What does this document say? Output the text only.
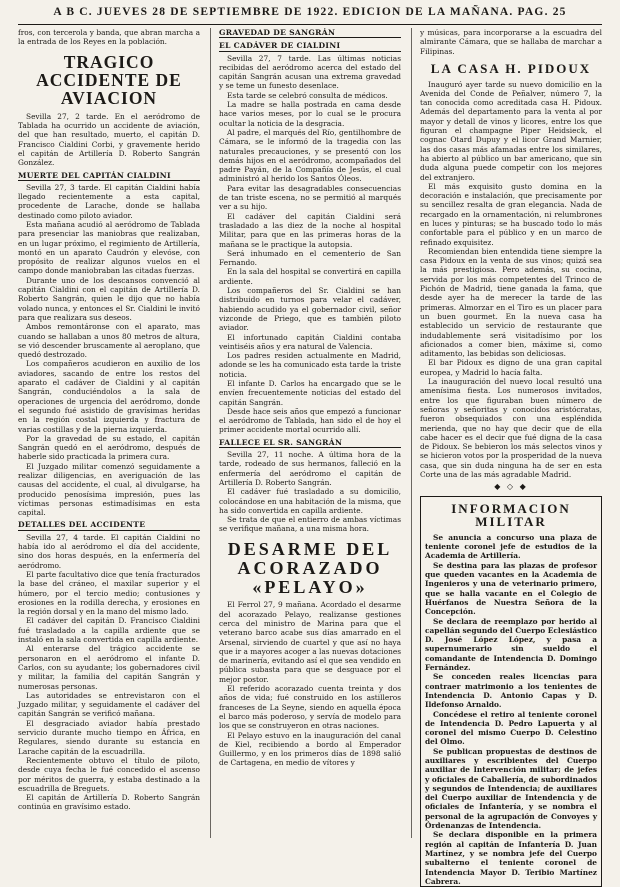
A B C. JUEVES 28 DE SEPTIEMBRE DE 1922. EDICION DE LA MAÑANA. PAG. 25

fros, con tercerola y banda, que abran marcha a la entrada de los Reyes en la población.

TRAGICO ACCIDENTE DE AVIACION

Sevilla 27, 2 tarde. En el aeródromo de Tablada ha ocurrido un accidente de aviación, del que han resultado, muerto, el capitán D. Francisco Cialdini Corbi, y gravemente herido el capitán de Artillería D. Roberto Sangrán González.

MUERTE DEL CAPITÁN CIALDINI

Sevilla 27, 3 tarde. El capitán Cialdini había llegado recientemente a esta capital, procedente de Larache, donde se hallaba destinado como piloto aviador.

Esta mañana acudió al aeródromo de Tablada para presenciar las maniobras que realizaban, en un lugar próximo, el regimiento de Artillería, montó en un aparato Caudrón y elevóse, con propósito de realizar algunos vuelos en el campo donde maniobraban las citadas fuerzas.

Durante uno de los descansos convenció al capitán Cialdini con el capitán de Artillería D. Roberto Sangrán, quien le dijo que no había volado nunca, y entonces el Sr. Cialdini le invitó para que realizara sus deseos.

Ambos remontáronse con el aparato, mas cuando se hallaban a unos 80 metros de altura, se vió descender bruscamente al aeroplano, que quedó destrozado.

Los compañeros acudieron en auxilio de los aviadores, sacando de entre los restos del aparato el cadáver de Cialdini y al capitán Sangrán, conduciéndolos a la sala de operaciones de urgencia del aeródromo, donde el segundo fué asistido de gravísimas heridas en la región costal izquierda y fractura de varias costillas y de la pierna izquierda.

Por la gravedad de su estado, el capitán Sangrán quedó en el aeródromo, después de haberle sido practicada la primera cura.

El Juzgado militar comenzó seguidamente a realizar diligencias, en averiguación de las causas del accidente, el cual, al divulgarse, ha producido penosísima impresión, pues las víctimas personas estimadísimas en esta capital.

DETALLES DEL ACCIDENTE

Sevilla 27, 4 tarde. El capitán Cialdini no había ido al aeródromo el día del accidente, sino dos horas después, en la enfermería del aeródromo.

El parte facultativo dice que tenía fracturados la base del cráneo, el maxilar superior y el húmero, por el tercio medio; contusiones y erosiones en la rodilla derecha, y erosiones en la región dorsal y en la mano del mismo lado.

El cadáver del capitán D. Francisco Cialdini fué trasladado a la capilla ardiente que se instaló en la sala convertida en capilla ardiente.

Al enterarse del trágico accidente se personaron en el aeródromo el infante D. Carlos, con su ayudante; los gobernadores civil y militar, la familia del capitán Sangrán y numerosas personas.

Las autoridades se entrevistaron con el Juzgado militar, y seguidamente el cadáver del capitán Sangrán se verificó mañana.

El desgraciado aviador había prestado servicio durante mucho tiempo en África, en Regulares, siendo durante su estancia en Larache capitán de la escuadrilla.

Recientemente obtuvo el título de piloto, desde cuya fecha le fué concedido el ascenso por méritos de guerra, y estaba destinado a la escuadrilla de Breguets.

El capitán de Artillería D. Roberto Sangrán continúa en gravísimo estado.

GRAVEDAD DE SANGRÁN
EL CADÁVER DE CIALDINI

Sevilla 27, 7 tarde. Las últimas noticias recibidas del aeródromo acerca del estado del capitán Sangrán acusan una extrema gravedad y se teme un funesto desenlace.

Esta tarde se celebró consulta de médicos.

La madre se halla postrada en cama desde hace varios meses, por lo cual se le procura ocultar la noticia de la desgracia.

Al padre, el marqués del Río, gentilhombre de Cámara, se le informó de la tragedia con las naturales precauciones, y se presentó con los demás hijos en el aeródromo, acompañados del padre Payán, de la Compañía de Jesús, el cual administró al herido los Santos Óleos.

Para evitar las desagradables consecuencias de tan triste escena, no se permitió al marqués ver a su hijo.

El cadáver del capitán Cialdini será trasladado a las diez de la noche al hospital Militar, para que en las primeras horas de la mañana se le practique la autopsia.

Será inhumado en el cementerio de San Fernando.

En la sala del hospital se convertirá en capilla ardiente.

Los compañeros del Sr. Cialdini se han distribuido en turnos para velar el cadáver, habiendo acudido ya el gobernador civil, señor vizconde de Priego, que es también piloto aviador.

El infortunado capitán Cialdini contaba veintiséis años y era natural de Valencia.

Los padres residen actualmente en Madrid, adonde se les ha comunicado esta tarde la triste noticia.

El infante D. Carlos ha encargado que se le envíen frecuentemente noticias del estado del capitán Sangrán.

Desde hace seis años que empezó a funcionar el aeródromo de Tablada, han sido el de hoy el primer accidente mortal ocurrido allí.

FALLECE EL SR. SANGRÁN

Sevilla 27, 11 noche. A última hora de la tarde, rodeado de sus hermanos, falleció en la enfermería del aeródromo el capitán de Artillería D. Roberto Sangrán.

El cadáver fué trasladado a su domicilio, colocándose en una habitación de la misma, que ha sido convertida en capilla ardiente.

Se trata de que el entierro de ambas víctimas se verifique mañana, a una misma hora.

DESARME DEL ACORAZADO «PELAYO»

El Ferrol 27, 9 mañana. Acordado el desarme del acorazado Pelayo, realizanse gestiones cerca del ministro de Marina para que el veterano barco acabe sus días amarrado en el Arsenal, sirviendo de cuartel y que así no haya que ir a mayores acoger a las nuevas dotaciones de marinería, evitando así el que sea vendido en pública subasta para que se desguace por el mejor postor.

El referido acorazado cuenta treinta y dos años de vida; fué construido en los astilleros franceses de La Seyne, siendo en aquella época el barco más poderoso, y servía de modelo para los que se construyeron en otras naciones.

El Pelayo estuvo en la inauguración del canal de Kiel, recibiendo a bordo al Emperador Guillermo, y en los primeros días de 1898 salió de Cartagena, en medio de vítores y

y músicas, para incorporarse a la escuadra del almirante Cámara, que se hallaba de marchar a Filipinas.

LA CASA H. PIDOUX

Inauguró ayer tarde su nuevo domicilio en la Avenida del Conde de Peñalver, número 7, la tan conocida como acreditada casa H. Pidoux. Además del departamento para la venta al por mayor y detall de vinos y licores, entre los que figuran el champagne Piper Heidsieck, el cognac Otard Dupuy y el licor Grand Marnier, las dos casas más afamadas entre los similares, ha abierto al público un bar americano, que sin duda alguna puede competir con los mejores del extranjero.

El más exquisito gusto domina en la decoración e instalación, que precisamente por su sencillez resalta de gran elegancia. Nada de recargado en la ornamentación, ni relumbrones en luces y pinturas; se ha buscado todo lo más confortable para el público y en un marco de refinado exquisitez.

Recomiendan bien entendida tiene siempre la casa Pidoux en la venta de sus vinos; quizá sea la más prestigiosa. Pero además, su cocina, servida por los más competentes del Trinco de Pichón de Madrid, tiene ganada la fama, que desde ayer ha de merecer la tarde de las primeras. Almorzar en el Tiro es un placer para un buen gourmet. En la nueva casa ha establecido un servicio de restaurante que indudablemente será visitadísimo por los aficionados a comer bien, máxime si, como aditamento, las bebidas son deliciosas.

El bar Pidoux es digno de una gran capital europea, y Madrid lo hacía falta.

La inauguración del nuevo local resultó una amenísima fiesta. Los numerosos invitados, entre los que figuraban buen número de señoras y señoritas y conocidos aristócratas, fueron obsequiados con una espléndida merienda, que no hay que decir que de ella cabe hacer es el decir que fué digna de la casa de Pidoux. Se bebieron los más selectos vinos y se hicieron votos por la prosperidad de la nueva casa, que sin duda ninguna ha de ser en esta Corte una de las más agradable Madrid.

◆ ◇ ◆
INFORMACION MILITAR

Se anuncia a concurso una plaza de teniente coronel jefe de estudios de la Academia de Artillería.

Se destina para las plazas de profesor que queden vacantes en la Academia de Ingenieros y una de veterinario primero, que se halla vacante en el Colegio de Huérfanos de Nuestra Señora de la Concepción.

Se declara de reemplazo por herido al capellán segundo del Cuerpo Eclesiástico D. José López López, y pasa a supernumerario sin sueldo el comandante de Intendencia D. Domingo Fernández.

Se conceden reales licencias para contraer matrimonio a los tenientes de Intendencia D. Antonio Capas y D. Ildefonso Arnaldo.

Concédese el retiro al teniente coronel de Intendencia D. Pedro Lapuerta y al coronel del mismo Cuerpo D. Celestino del Olmo.

Se publican propuestas de destinos de auxiliares y escribientes del Cuerpo auxiliar de Intervención militar; de jefes y oficiales de Caballería, de subordinados y segundos de Intendencia; de auxiliares del Cuerpo auxiliar de Intendencia y de oficiales de Infantería, y se nombra el personal de la agrupación de Convoyes y Órdenanzas de Intendencia.

Se declara disponible en la primera región al capitán de Infantería D. Juan Martínez, y se nombra jefe del Cuerpo subalterno el teniente coronel de Intendencia Mayor D. Teribio Martínez Cabrera.
